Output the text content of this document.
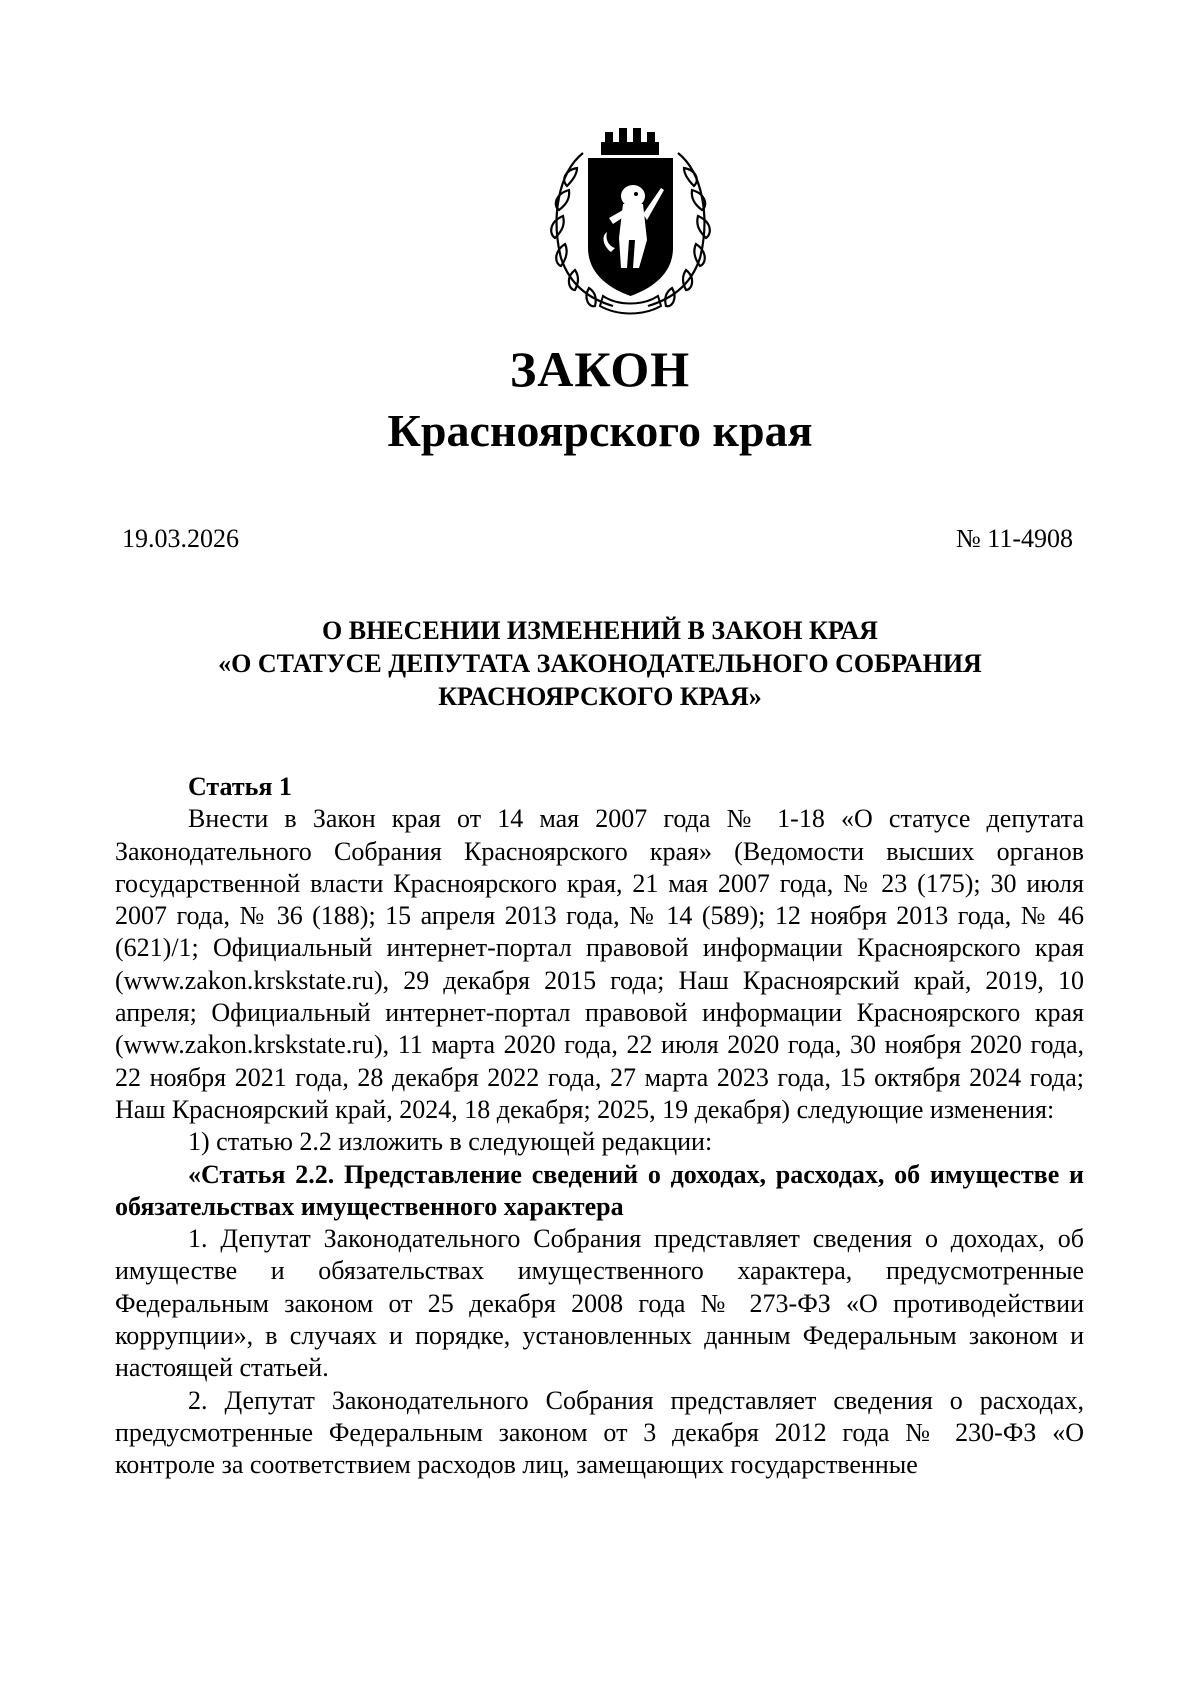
ЗАКОН
Красноярского края
19.03.2026	№ 11-4908
О ВНЕСЕНИИ ИЗМЕНЕНИЙ В ЗАКОН КРАЯ
«О СТАТУСЕ ДЕПУТАТА ЗАКОНОДАТЕЛЬНОГО СОБРАНИЯ
КРАСНОЯРСКОГО КРАЯ»

Статья 1

Внести в Закон края от 14 мая 2007 года № 1-18 «О статусе депутата Законодательного Собрания Красноярского края» (Ведомости высших органов государственной власти Красноярского края, 21 мая 2007 года, № 23 (175); 30 июля 2007 года, № 36 (188); 15 апреля 2013 года, № 14 (589); 12 ноября 2013 года, № 46 (621)/1; Официальный интернет-портал правовой информации Красноярского края (www.zakon.krskstate.ru), 29 декабря 2015 года; Наш Красноярский край, 2019, 10 апреля; Официальный интернет-портал правовой информации Красноярского края (www.zakon.krskstate.ru), 11 марта 2020 года, 22 июля 2020 года, 30 ноября 2020 года, 22 ноября 2021 года, 28 декабря 2022 года, 27 марта 2023 года, 15 октября 2024 года; Наш Красноярский край, 2024, 18 декабря; 2025, 19 декабря) следующие изменения:

1) статью 2.2 изложить в следующей редакции:

«Статья 2.2. Представление сведений о доходах, расходах, об имуществе и обязательствах имущественного характера

1. Депутат Законодательного Собрания представляет сведения о доходах, об имуществе и обязательствах имущественного характера, предусмотренные Федеральным законом от 25 декабря 2008 года № 273-ФЗ «О противодействии коррупции», в случаях и порядке, установленных данным Федеральным законом и настоящей статьей.

2. Депутат Законодательного Собрания представляет сведения о расходах, предусмотренные Федеральным законом от 3 декабря 2012 года № 230-ФЗ «О контроле за соответствием расходов лиц, замещающих государственные
